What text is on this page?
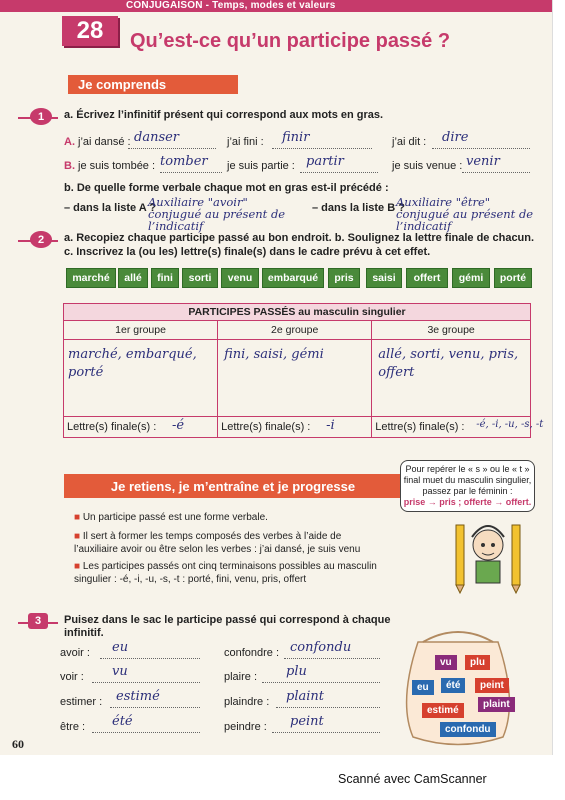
CONJUGAISON - Temps, modes et valeurs
28	Qu’est-ce qu’un participe passé ?
Je comprends
1	a. Écrivez l’infinitif présent qui correspond aux mots en gras.
A. j’ai dansé : danser	j’ai fini : finir	j’ai dit : dire
B. je suis tombée : tomber je suis partie : partir	je suis venue : venir
b. De quelle forme verbale chaque mot en gras est-il précédé :
– dans la liste A ?
Auxiliaire "avoir" conjugué au présent de l’indicatif
– dans la liste B ?
Auxiliaire "être" conjugué au présent de l’indicatif
2	a. Recopiez chaque participe passé au bon endroit. b. Soulignez la lettre finale de chacun.
c. Inscrivez la (ou les) lettre(s) finale(s) dans le cadre prévu à cet effet.
marché	allé	fini	sorti	venu	embarqué	pris	saisi	offert	gémi	porté
PARTICIPES PASSÉS au masculin singulier		
1er groupe	2e groupe	3e groupe

marché, embarqué, porté	fini, saisi, gémi	allé, sorti, venu, pris, offert

Lettre(s) finale(s) : -é	Lettre(s) finale(s) : -i	Lettre(s) finale(s) : -é, -i, -u, -s, -t
Je retiens, je m’entraîne et je progresse
■ Un participe passé est une forme verbale.
■ Il sert à former les temps composés des verbes à l’aide de l’auxiliaire avoir ou être selon les verbes : j’ai dansé, je suis venu
■ Les participes passés ont cinq terminaisons possibles au masculin singulier : -é, -i, -u, -s, -t : porté, fini, venu, pris, offert
Pour repérer le « s » ou le « t » final muet du masculin singulier, passez par le féminin :
prise → pris ; offerte → offert.
3	Puisez dans le sac le participe passé qui correspond à chaque infinitif.
avoir : eu
voir : vu
estimer : estimé
être : été
confondre : confondu
plaire : plu
plaindre : plaint
peindre : peint
vu	plu
eu	été	peint
estimé
plaint
confondu
60
Scanné avec CamScanner
